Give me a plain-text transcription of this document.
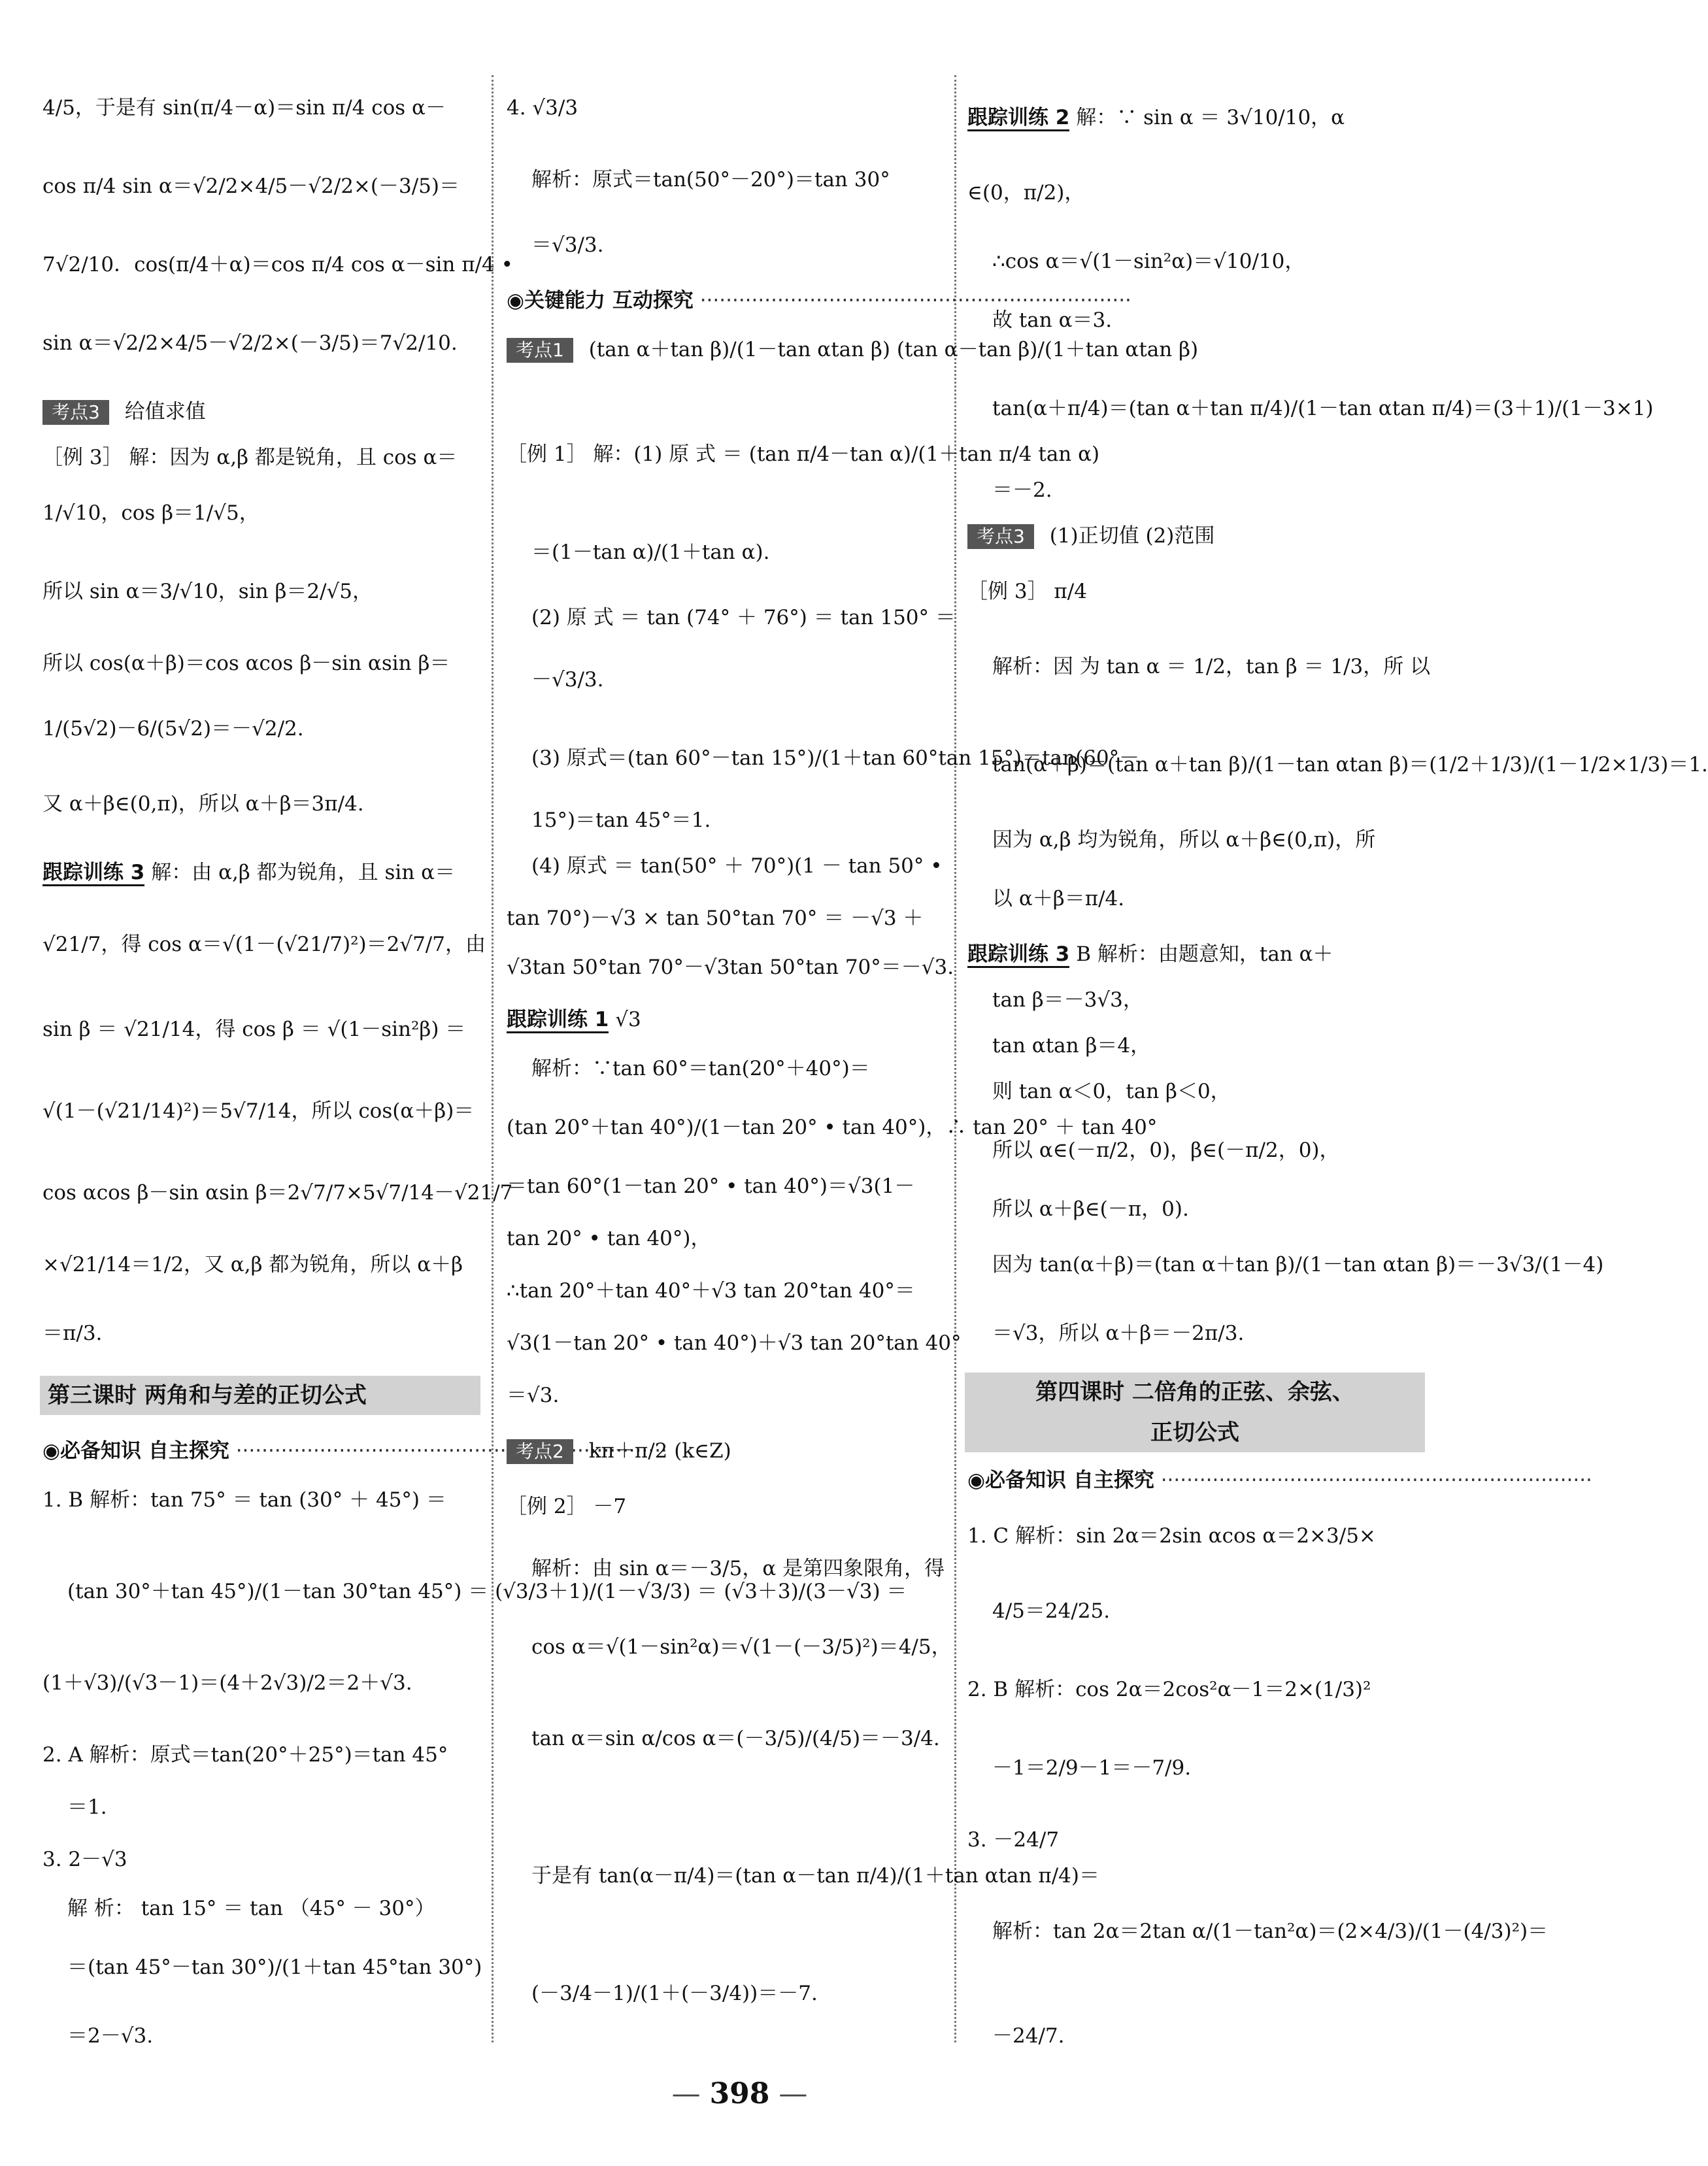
4/5，于是有 sin(π/4－α)＝sin π/4 cos α－
cos π/4 sin α＝√2/2×4/5－√2/2×(－3/5)＝
7√2/10．cos(π/4＋α)＝cos π/4 cos α－sin π/4 •
sin α＝√2/2×4/5－√2/2×(－3/5)＝7√2/10.
考点3 给值求值
［例 3］ 解：因为 α,β 都是锐角，且 cos α＝
1/√10，cos β＝1/√5，
所以 sin α＝3/√10，sin β＝2/√5，
所以 cos(α＋β)＝cos αcos β－sin αsin β＝
1/(5√2)－6/(5√2)＝－√2/2.
又 α＋β∈(0,π)，所以 α＋β＝3π/4.
跟踪训练 3 解：由 α,β 都为锐角，且 sin α＝
√21/7，得 cos α＝√(1－(√21/7)²)＝2√7/7，由
sin β ＝ √21/14，得 cos β ＝ √(1－sin²β) ＝
√(1－(√21/14)²)＝5√7/14，所以 cos(α＋β)＝
cos αcos β－sin αsin β＝2√7/7×5√7/14－√21/7
×√21/14＝1/2，又 α,β 都为锐角，所以 α＋β
＝π/3.
第三课时 两角和与差的正切公式
◉必备知识 自主探究 ·····
1. B 解析：tan 75° ＝ tan (30° ＋ 45°) ＝
(tan 30°＋tan 45°)/(1－tan 30°tan 45°) ＝ (√3/3＋1)/(1－√3/3) ＝ (√3＋3)/(3－√3) ＝
(1＋√3)/(√3－1)＝(4＋2√3)/2＝2＋√3.
2. A 解析：原式＝tan(20°＋25°)＝tan 45°
＝1.
3. 2－√3
解 析： tan 15° ＝ tan （45° － 30°）
＝(tan 45°－tan 30°)/(1＋tan 45°tan 30°)
＝2－√3.
4. √3/3
解析：原式＝tan(50°－20°)＝tan 30°
＝√3/3.
◉关键能力 互动探究 ·····
考点1 (tan α＋tan β)/(1－tan αtan β) (tan α－tan β)/(1＋tan αtan β)
［例 1］ 解：(1) 原 式 ＝ (tan π/4－tan α)/(1＋tan π/4 tan α)
＝(1－tan α)/(1＋tan α).
(2) 原 式 ＝ tan (74° ＋ 76°) ＝ tan 150° ＝
－√3/3.
(3) 原式＝(tan 60°－tan 15°)/(1＋tan 60°tan 15°)＝tan(60°－
15°)＝tan 45°＝1.
(4) 原式 ＝ tan(50° ＋ 70°)(1 － tan 50° •
tan 70°)－√3 × tan 50°tan 70° ＝ －√3 ＋
√3tan 50°tan 70°－√3tan 50°tan 70°＝－√3.
跟踪训练 1 √3
解析：∵tan 60°＝tan(20°＋40°)＝
(tan 20°＋tan 40°)/(1－tan 20° • tan 40°)，∴ tan 20° ＋ tan 40°
＝tan 60°(1－tan 20° • tan 40°)＝√3(1－
tan 20° • tan 40°)，
∴tan 20°＋tan 40°＋√3 tan 20°tan 40°＝
√3(1－tan 20° • tan 40°)＋√3 tan 20°tan 40°
＝√3.
考点2 kπ＋π/2 (k∈Z)
［例 2］ －7
解析：由 sin α＝－3/5，α 是第四象限角，得
cos α＝√(1－sin²α)＝√(1－(－3/5)²)＝4/5，
tan α＝sin α/cos α＝(－3/5)/(4/5)＝－3/4.
于是有 tan(α－π/4)＝(tan α－tan π/4)/(1＋tan αtan π/4)＝
(－3/4－1)/(1＋(－3/4))＝－7.
跟踪训练 2 解：∵ sin α ＝ 3√10/10，α
∈(0，π/2)，
∴cos α＝√(1－sin²α)＝√10/10，
故 tan α＝3.
tan(α＋π/4)＝(tan α＋tan π/4)/(1－tan αtan π/4)＝(3＋1)/(1－3×1)
＝－2.
考点3 (1)正切值 (2)范围
［例 3］ π/4
解析：因 为 tan α ＝ 1/2，tan β ＝ 1/3，所 以
tan(α＋β)＝(tan α＋tan β)/(1－tan αtan β)＝(1/2＋1/3)/(1－1/2×1/3)＝1.
因为 α,β 均为锐角，所以 α＋β∈(0,π)，所
以 α＋β＝π/4.
跟踪训练 3 B 解析：由题意知，tan α＋
tan β＝－3√3，
tan αtan β＝4，
则 tan α＜0，tan β＜0，
所以 α∈(－π/2，0)，β∈(－π/2，0)，
所以 α＋β∈(－π，0).
因为 tan(α＋β)＝(tan α＋tan β)/(1－tan αtan β)＝－3√3/(1－4)
＝√3，所以 α＋β＝－2π/3.
第四课时 二倍角的正弦、余弦、
正切公式
◉必备知识 自主探究 ·····
1. C 解析：sin 2α＝2sin αcos α＝2×3/5×
4/5＝24/25.
2. B 解析：cos 2α＝2cos²α－1＝2×(1/3)²
－1＝2/9－1＝－7/9.
3. －24/7
解析：tan 2α＝2tan α/(1－tan²α)＝(2×4/3)/(1－(4/3)²)＝
－24/7.
— 398 —
